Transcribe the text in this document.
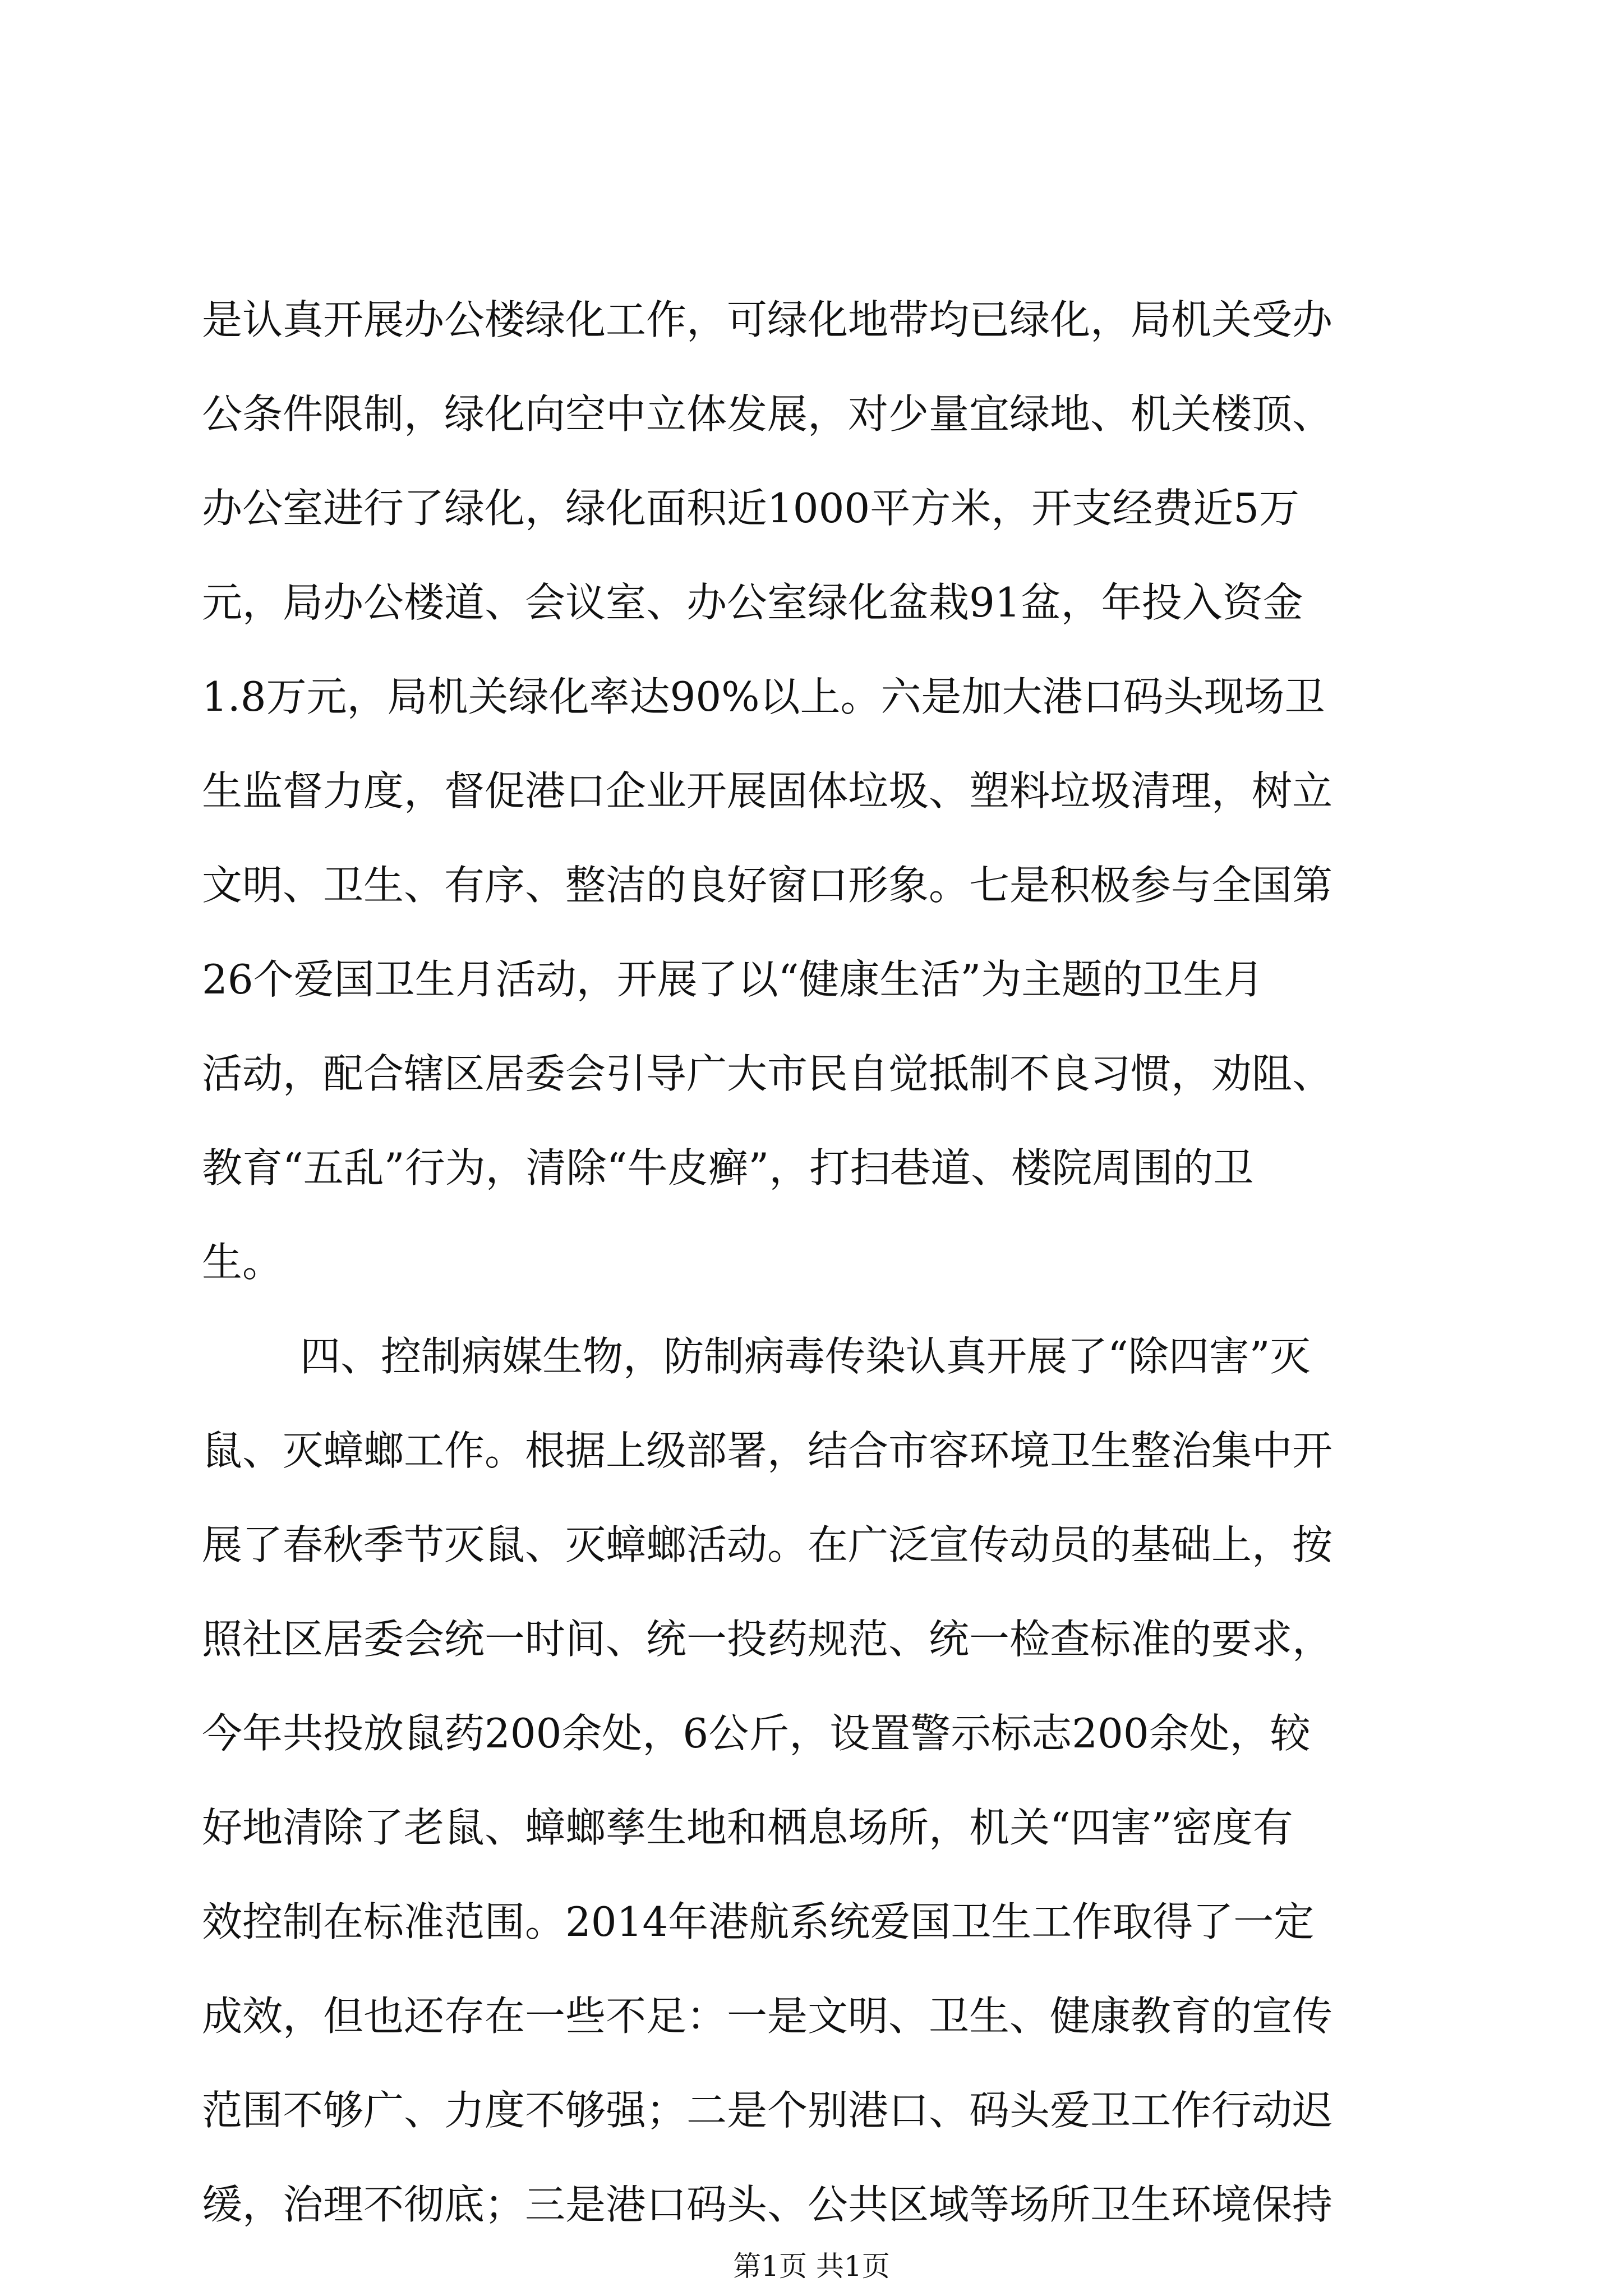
是认真开展办公楼绿化工作，可绿化地带均已绿化，局机关受办
公条件限制，绿化向空中立体发展，对少量宜绿地、机关楼顶、
办公室进行了绿化，绿化面积近1000平方米，开支经费近5万
元，局办公楼道、会议室、办公室绿化盆栽91盆，年投入资金
1.8万元，局机关绿化率达90%以上。六是加大港口码头现场卫
生监督力度，督促港口企业开展固体垃圾、塑料垃圾清理，树立
文明、卫生、有序、整洁的良好窗口形象。七是积极参与全国第
26个爱国卫生月活动，开展了以“健康生活”为主题的卫生月
活动，配合辖区居委会引导广大市民自觉抵制不良习惯，劝阻、
教育“五乱”行为，清除“牛皮癣”，打扫巷道、楼院周围的卫
生。
四、控制病媒生物，防制病毒传染认真开展了“除四害”灭
鼠、灭蟑螂工作。根据上级部署，结合市容环境卫生整治集中开
展了春秋季节灭鼠、灭蟑螂活动。在广泛宣传动员的基础上，按
照社区居委会统一时间、统一投药规范、统一检查标准的要求，
今年共投放鼠药200余处，6公斤，设置警示标志200余处，较
好地清除了老鼠、蟑螂孳生地和栖息场所，机关“四害”密度有
效控制在标准范围。2014年港航系统爱国卫生工作取得了一定
成效，但也还存在一些不足：一是文明、卫生、健康教育的宣传
范围不够广、力度不够强；二是个别港口、码头爱卫工作行动迟
缓，治理不彻底；三是港口码头、公共区域等场所卫生环境保持
第1页 共1页
